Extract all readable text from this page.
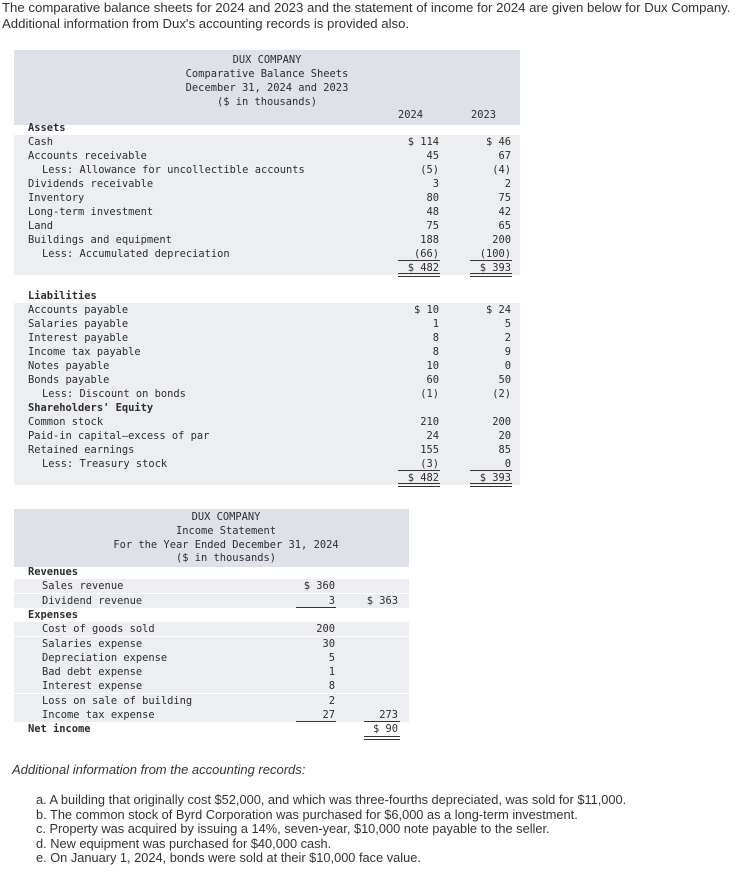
The comparative balance sheets for 2024 and 2023 and the statement of income for 2024 are given below for Dux Company. Additional information from Dux's accounting records is provided also.
DUX COMPANY
Comparative Balance Sheets
December 31, 2024 and 2023
($ in thousands)
2024	2023
Assets
Cash	$ 114	$ 46
Accounts receivable	45	67
Less: Allowance for uncollectible accounts	(5)	(4)
Dividends receivable	3	2
Inventory	80	75
Long-term investment	48	42
Land	75	65
Buildings and equipment	188	200
Less: Accumulated depreciation	(66)	(100)
$ 482	$ 393
Liabilities
Accounts payable	$ 10	$ 24
Salaries payable	1	5
Interest payable	8	2
Income tax payable	8	9
Notes payable	10	0
Bonds payable	60	50
Less: Discount on bonds	(1)	(2)
Shareholders' Equity
Common stock	210	200
Paid-in capital—excess of par	24	20
Retained earnings	155	85
Less: Treasury stock	(3)	0
$ 482	$ 393
DUX COMPANY
Income Statement
For the Year Ended December 31, 2024
($ in thousands)
Revenues
Sales revenue	$ 360
Dividend revenue	3	$ 363
Expenses
Cost of goods sold	200
Salaries expense	30
Depreciation expense	5
Bad debt expense	1
Interest expense	8
Loss on sale of building	2
Income tax expense	27	273
Net income	$ 90
Additional information from the accounting records:
a. A building that originally cost $52,000, and which was three-fourths depreciated, was sold for $11,000.
b. The common stock of Byrd Corporation was purchased for $6,000 as a long-term investment.
c. Property was acquired by issuing a 14%, seven-year, $10,000 note payable to the seller.
d. New equipment was purchased for $40,000 cash.
e. On January 1, 2024, bonds were sold at their $10,000 face value.
